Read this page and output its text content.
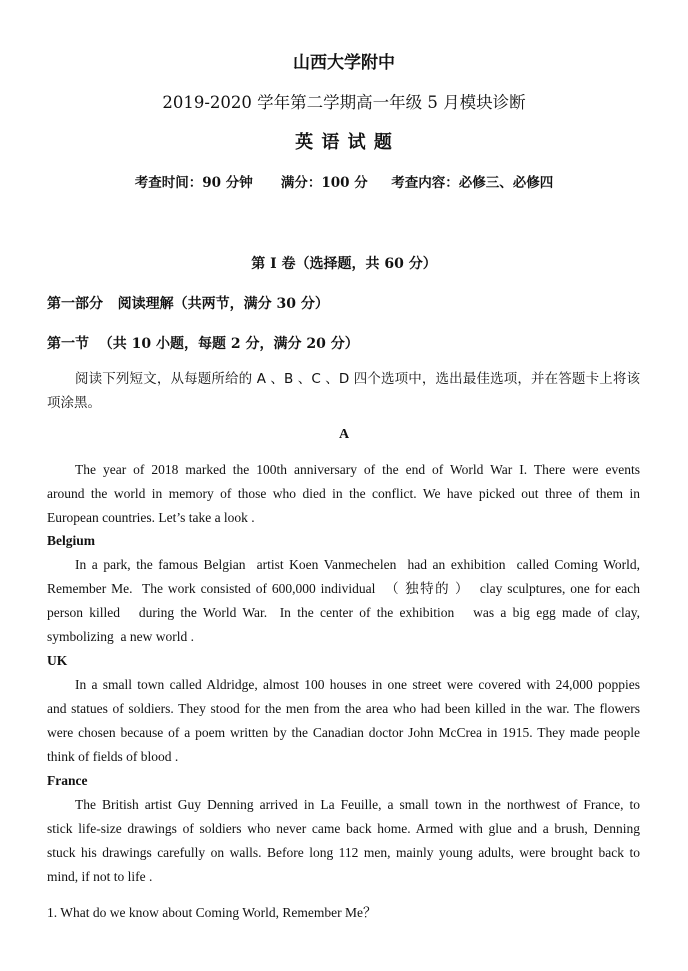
山西大学附中
2019-2020 学年第二学期高一年级 5 月模块诊断
英 语 试 题
考查时间：90 分钟      满分：100 分     考查内容：必修三、必修四
第 I 卷（选择题，共 60 分）
第一部分   阅读理解（共两节，满分 30 分）
第一节  （共 10 小题，每题 2 分，满分 20 分）
阅读下列短文，从每题所给的 A 、B 、C 、D 四个选项中，选出最佳选项，并在答题卡上将该
项涂黑。
A
The year of 2018 marked the 100th anniversary of the end of World War I. There were events
around the world in memory of those who died in the conflict. We have picked out three of them in
European countries. Let’s take a look .
Belgium
In a park, the famous Belgian  artist Koen Vanmechelen  had an exhibition  called Coming World,
Remember Me.  The work consisted of 600,000 individual  （ 独特的 ）  clay sculptures, one for each
person killed   during the World War.  In the center of the exhibition   was a big egg made of clay,
symbolizing  a new world .
UK
In a small town called Aldridge, almost 100 houses in one street were covered with 24,000 poppies
and statues of soldiers. They stood for the men from the area who had been killed in the war. The flowers
were chosen because of a poem written by the Canadian doctor John McCrea in 1915. They made people
think of fields of blood .
France
The British artist Guy Denning arrived in La Feuille, a small town in the northwest of France, to
stick life-size drawings of soldiers who never came back home. Armed with glue and a brush, Denning
stuck his drawings carefully on walls. Before long 112 men, mainly young adults, were brought back to
mind, if not to life .
1. What do we know about Coming World, Remember Me？
